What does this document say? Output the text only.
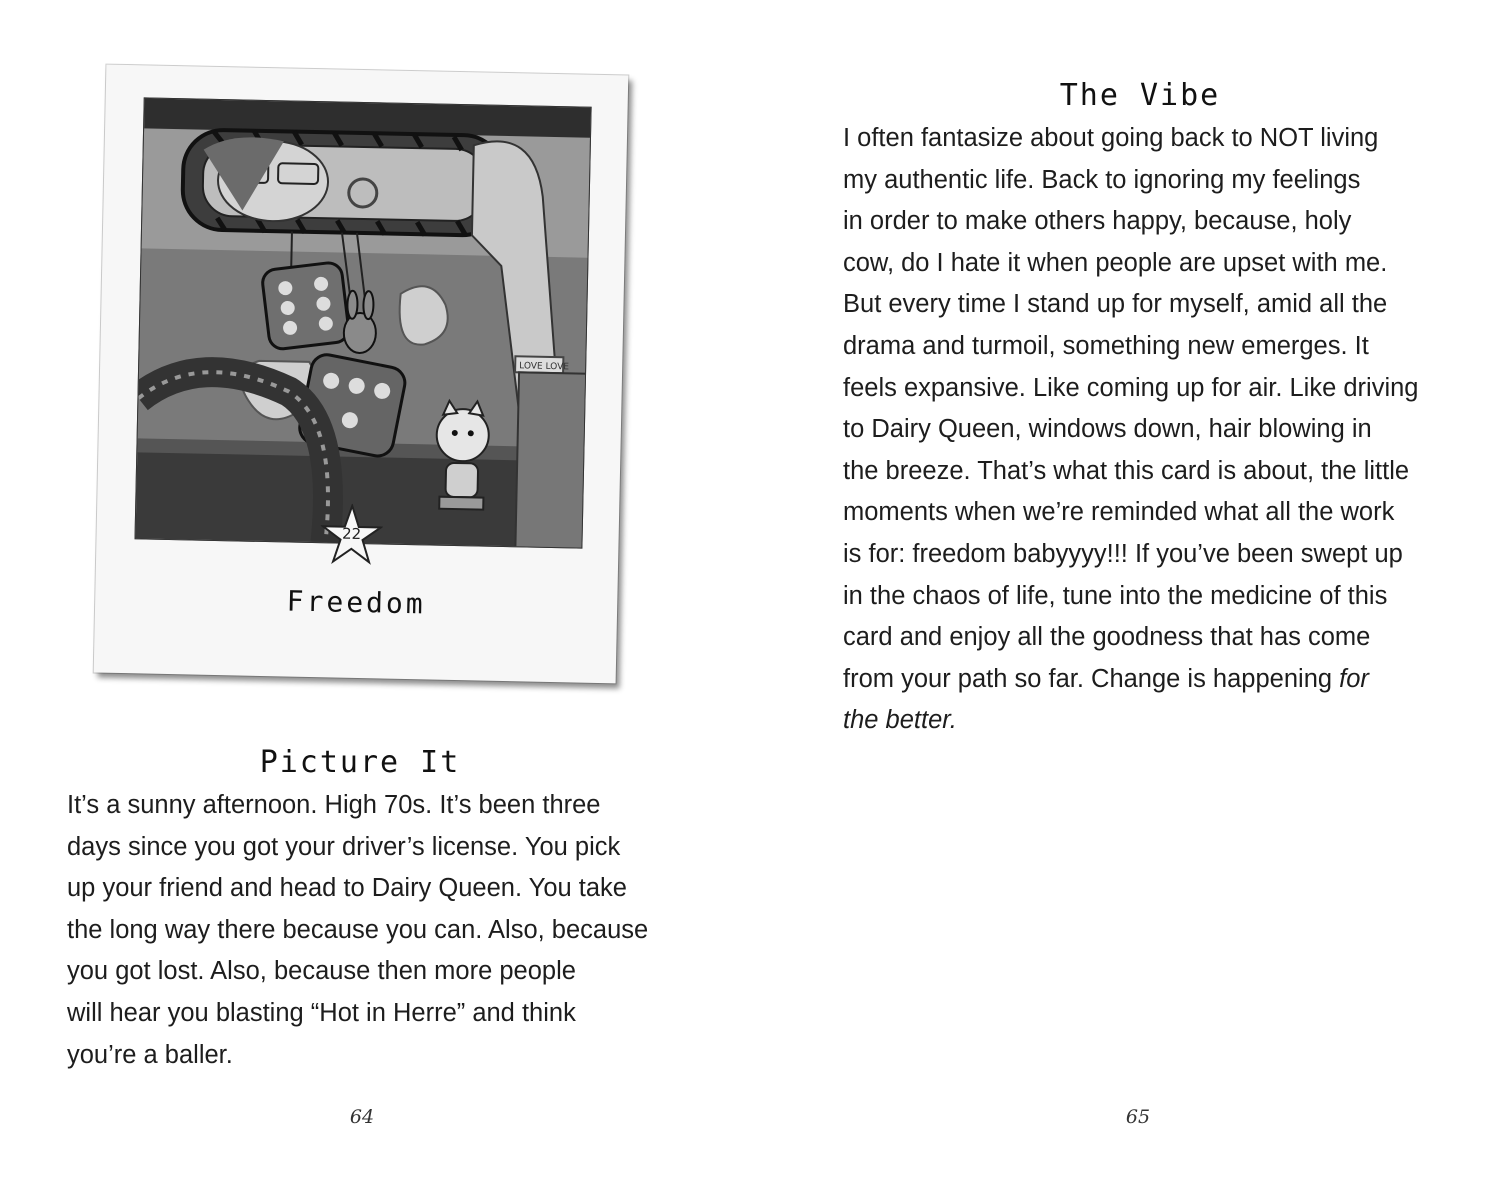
LOVE LOVE
22
Freedom
Picture It

It’s a sunny afternoon. High 70s. It’s been three
days since you got your driver’s license. You pick
up your friend and head to Dairy Queen. You take
the long way there because you can. Also, because
you got lost. Also, because then more people
will hear you blasting “Hot in Herre” and think
you’re a baller.

64
The Vibe

I often fantasize about going back to NOT living
my authentic life. Back to ignoring my feelings
in order to make others happy, because, holy
cow, do I hate it when people are upset with me.
But every time I stand up for myself, amid all the
drama and turmoil, something new emerges. It
feels expansive. Like coming up for air. Like driving
to Dairy Queen, windows down, hair blowing in
the breeze. That’s what this card is about, the little
moments when we’re reminded what all the work
is for: freedom babyyyy!!! If you’ve been swept up
in the chaos of life, tune into the medicine of this
card and enjoy all the goodness that has come
from your path so far. Change is happening for
the better.

65
